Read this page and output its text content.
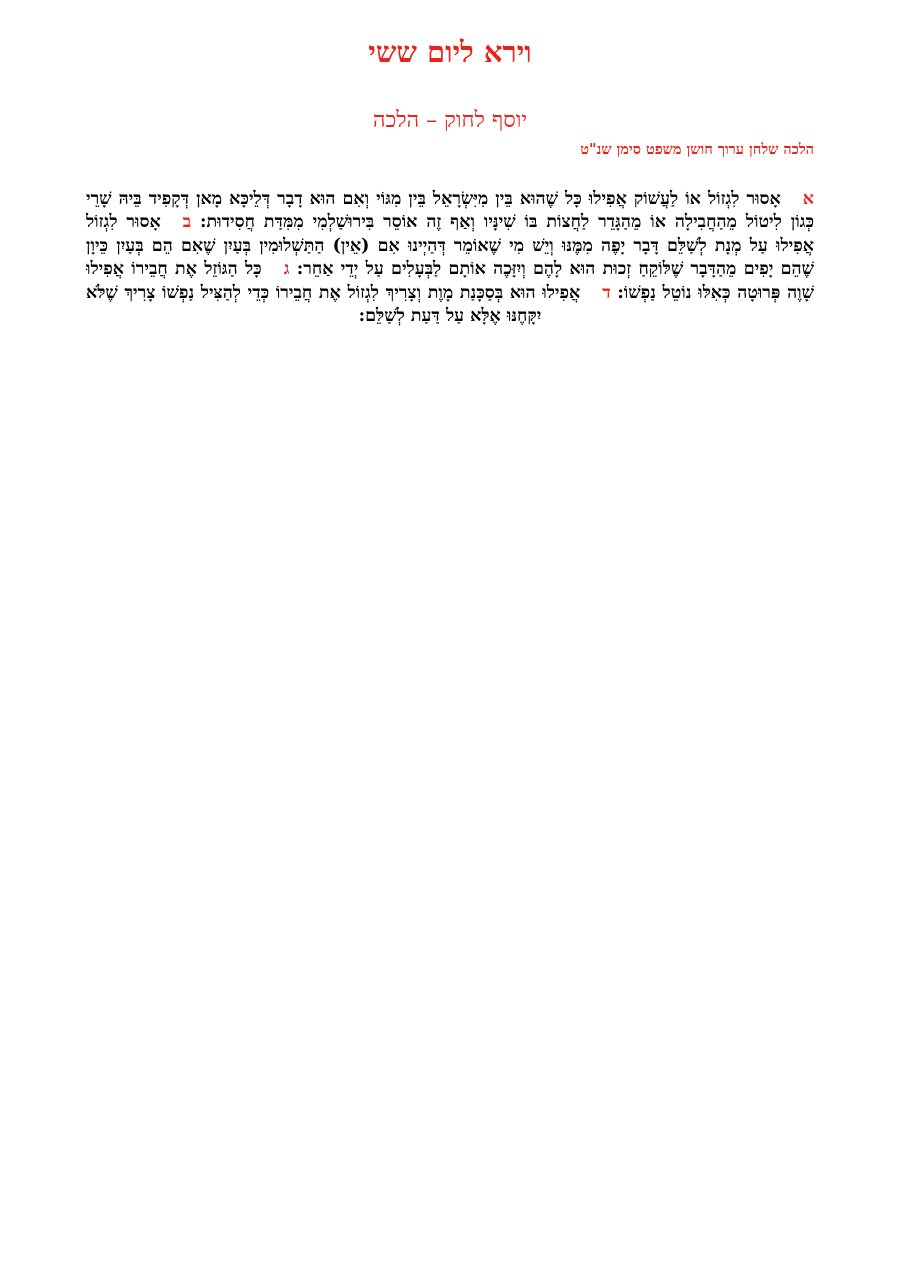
וירא ליום ששי
יוסף לחוק – הלכה
הלכה שלחן ערוך חושן משפט סימן שנ"ט

אאָסוּר לִגְזוֹל אוֹ לַעֲשׁוֹק אֲפִילוּ כָּל שֶׁהוּא בֵּין מִיִּשְׂרָאֵל בֵּין מִגּוֹי וְאִם הוּא דָבָר דְּלֵיכָּא מָאן דְּקָפִיד בֵּיהּ שָׁרֵי כְּגוֹן לִיטוֹל מֵהַחֲבִילָה אוֹ מֵהַגָּדֵר לַחֲצוֹת בּוֹ שִׁינָּיו וְאַף זֶה אוֹסֵר בִּירוּשַׁלְמִי מִמִּדַּת חֲסִידוּת: באָסוּר לִגְזוֹל אֲפִילוּ עַל מְנָת לְשַׁלֵּם דָּבָר יָפֶה מִמֶּנּוּ וְיֵשׁ מִי שֶׁאוֹמֵר דְּהַיְינוּ אִם (אֵין) הַתַּשְׁלוּמִין בְּעַיִן שֶׁאִם הֵם בְּעַיִן כֵּיוָן שֶׁהֵם יָפִים מֵהַדָּבָר שֶׁלּוֹקֵחַ זְכוּת הוּא לָהֶם וְיִזָּכֶה אוֹתָם לַבְּעָלִים עַל יְדֵי אַחֵר: גכָּל הַגּוֹזֵל אֶת חֲבֵירוֹ אֲפִילוּ שָׁוֶה פְּרוּטָה כְּאִלּוּ נוֹטֵל נַפְשׁוֹ: דאֲפִילוּ הוּא בְּסַכָּנַת מָוֶת וְצָרִיךְ לִגְזוֹל אֶת חֲבֵירוֹ כְּדֵי לְהַצִּיל נַפְשׁוֹ צָרִיךְ שֶׁלֹּא יִקָּחֶנּוּ אֶלָּא עַל דַּעַת לְשַׁלֵּם:
